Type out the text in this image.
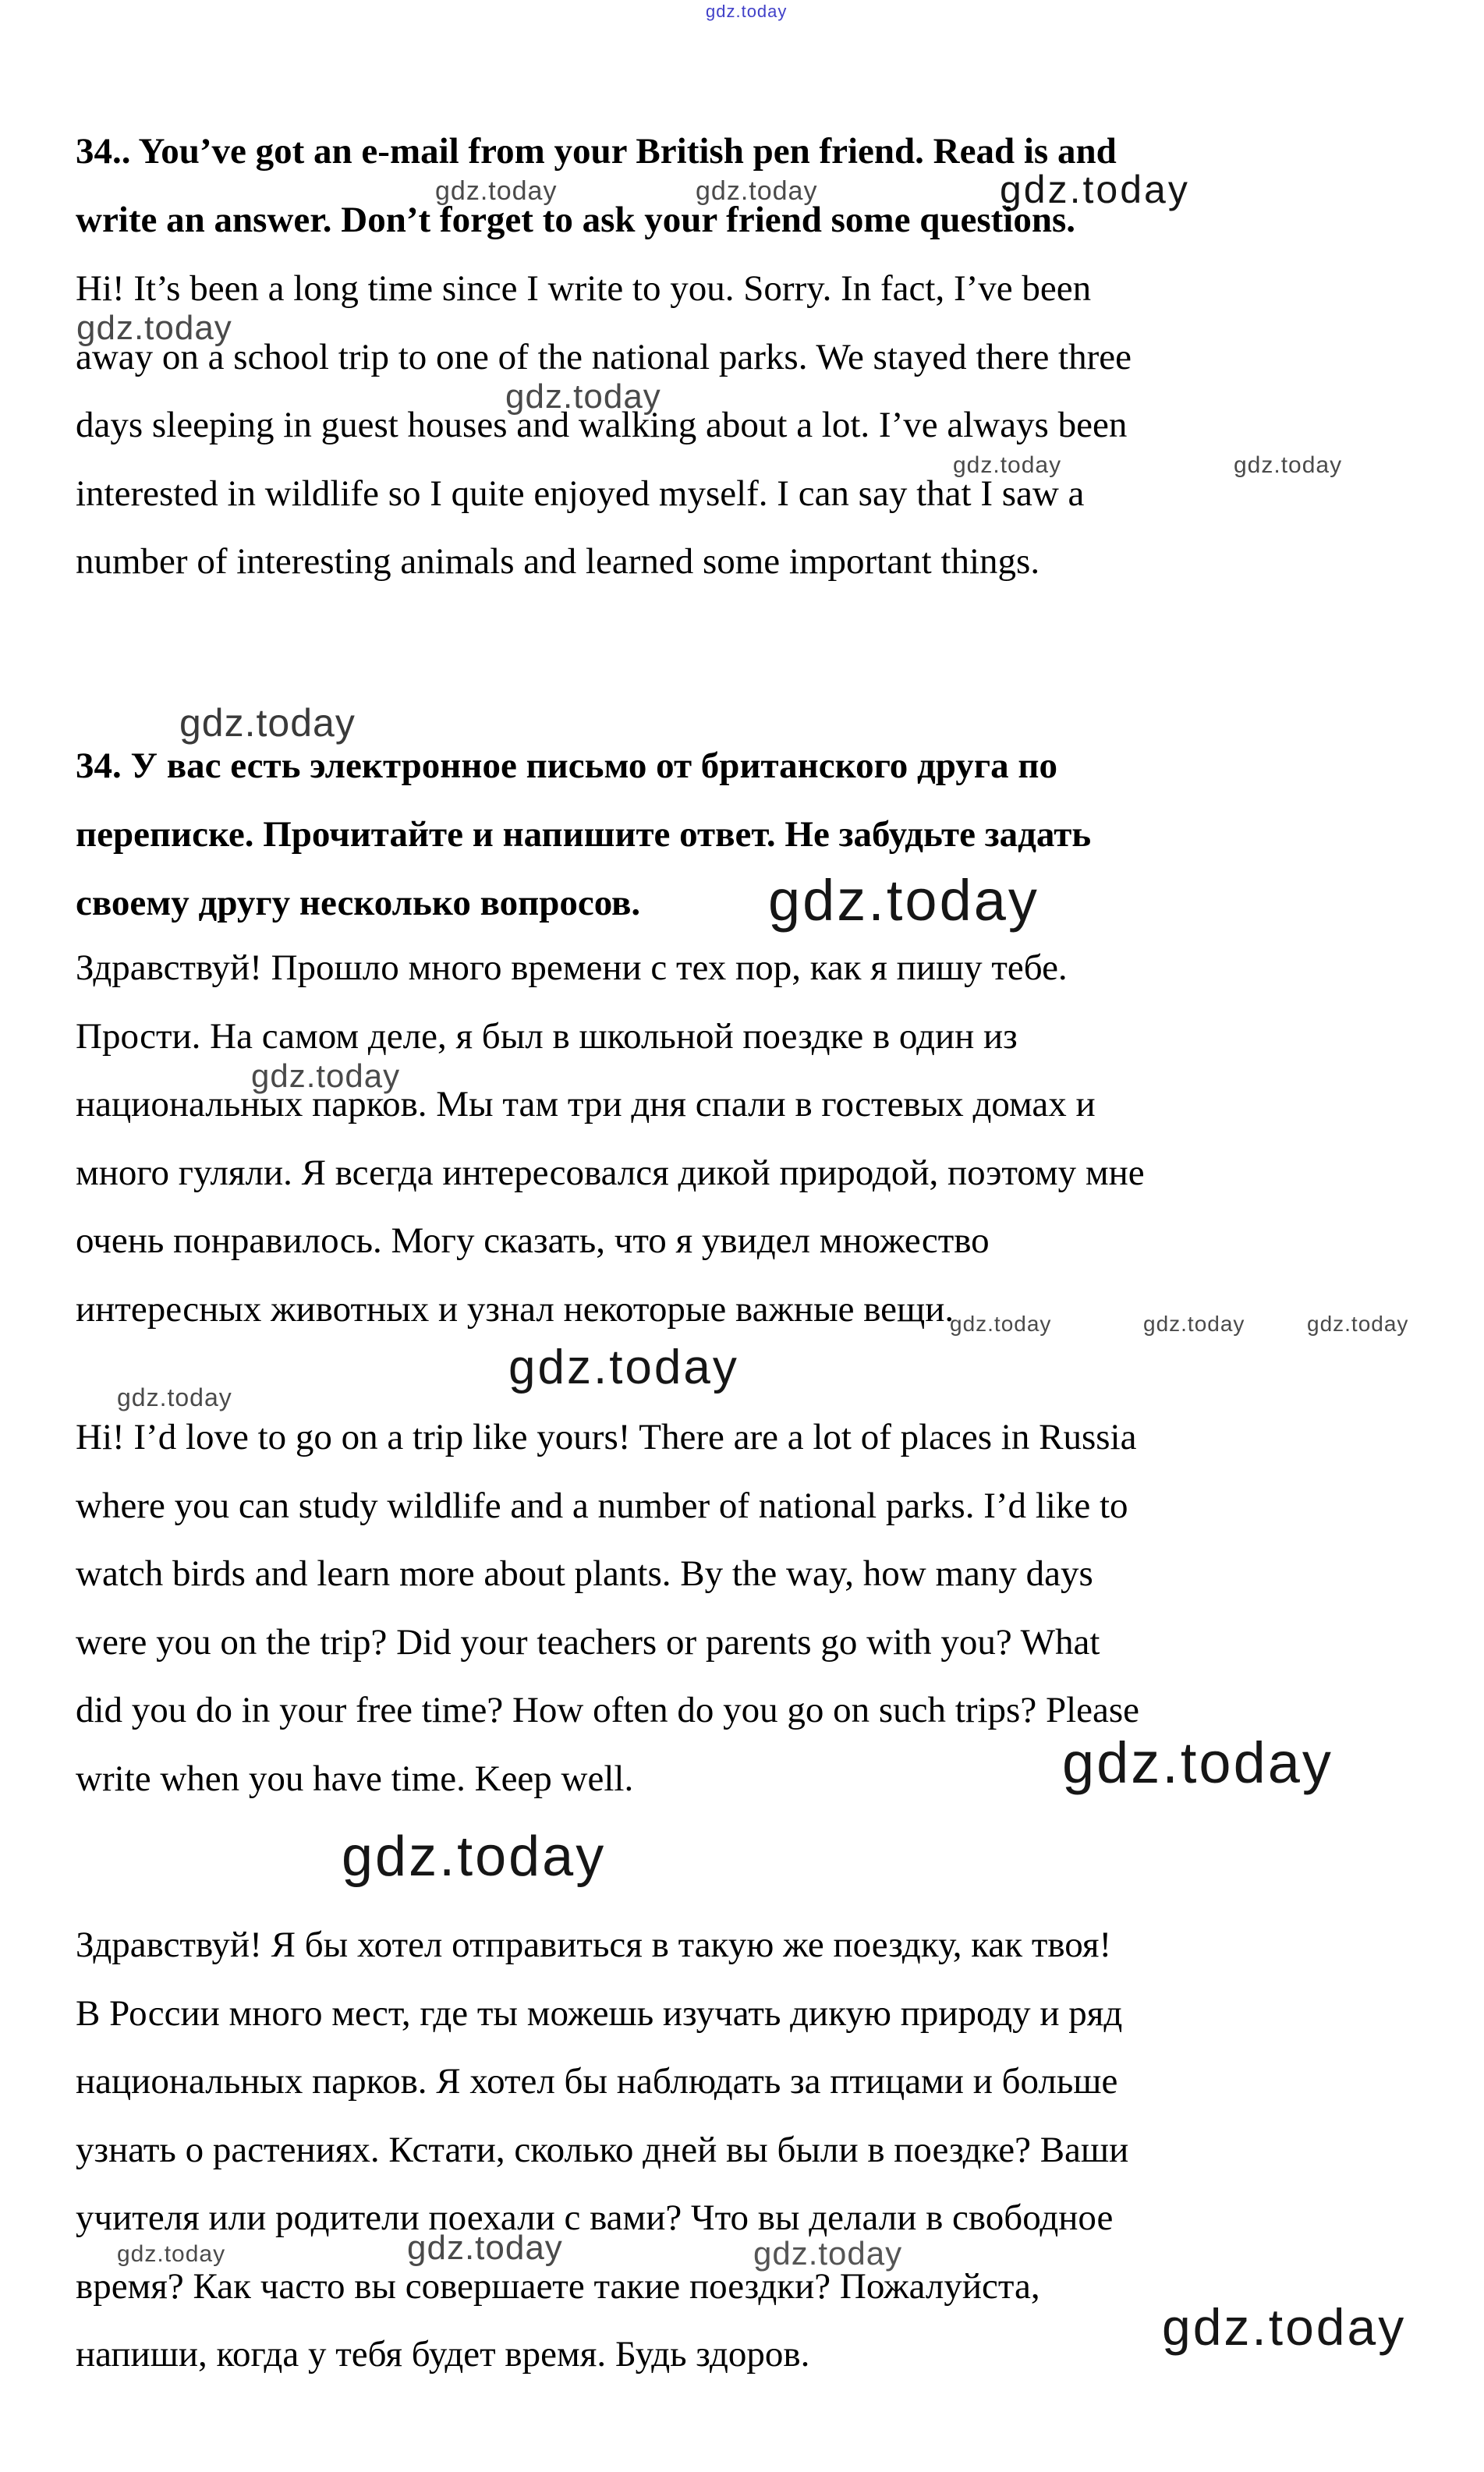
gdz.today
gdz.today	gdz.today	gdz.today
gdz.today
gdz.today
gdz.today	gdz.today
gdz.today
gdz.today
gdz.today
gdz.today	gdz.today	gdz.today
gdz.today
gdz.today
gdz.today
gdz.today
gdz.today	gdz.today	gdz.today
gdz.today
34.. You’ve got an e-mail from your British pen friend. Read is and
write an answer. Don’t forget to ask your friend some questions.
Hi! It’s been a long time since I write to you. Sorry. In fact, I’ve been
away on a school trip to one of the national parks. We stayed there three
days sleeping in guest houses and walking about a lot. I’ve always been
interested in wildlife so I quite enjoyed myself. I can say that I saw a
number of interesting animals and learned some important things.
34. У вас есть электронное письмо от британского друга по
переписке. Прочитайте и напишите ответ. Не забудьте задать
своему другу несколько вопросов.
Здравствуй! Прошло много времени с тех пор, как я пишу тебе.
Прости. На самом деле, я был в школьной поездке в один из
национальных парков. Мы там три дня спали в гостевых домах и
много гуляли. Я всегда интересовался дикой природой, поэтому мне
очень понравилось. Могу сказать, что я увидел множество
интересных животных и узнал некоторые важные вещи.
Hi! I’d love to go on a trip like yours! There are a lot of places in Russia
where you can study wildlife and a number of national parks. I’d like to
watch birds and learn more about plants. By the way, how many days
were you on the trip? Did your teachers or parents go with you? What
did you do in your free time? How often do you go on such trips? Please
write when you have time. Keep well.
Здравствуй! Я бы хотел отправиться в такую же поездку, как твоя!
В России много мест, где ты можешь изучать дикую природу и ряд
национальных парков. Я хотел бы наблюдать за птицами и больше
узнать о растениях. Кстати, сколько дней вы были в поездке? Ваши
учителя или родители поехали с вами? Что вы делали в свободное
время? Как часто вы совершаете такие поездки? Пожалуйста,
напиши, когда у тебя будет время. Будь здоров.
